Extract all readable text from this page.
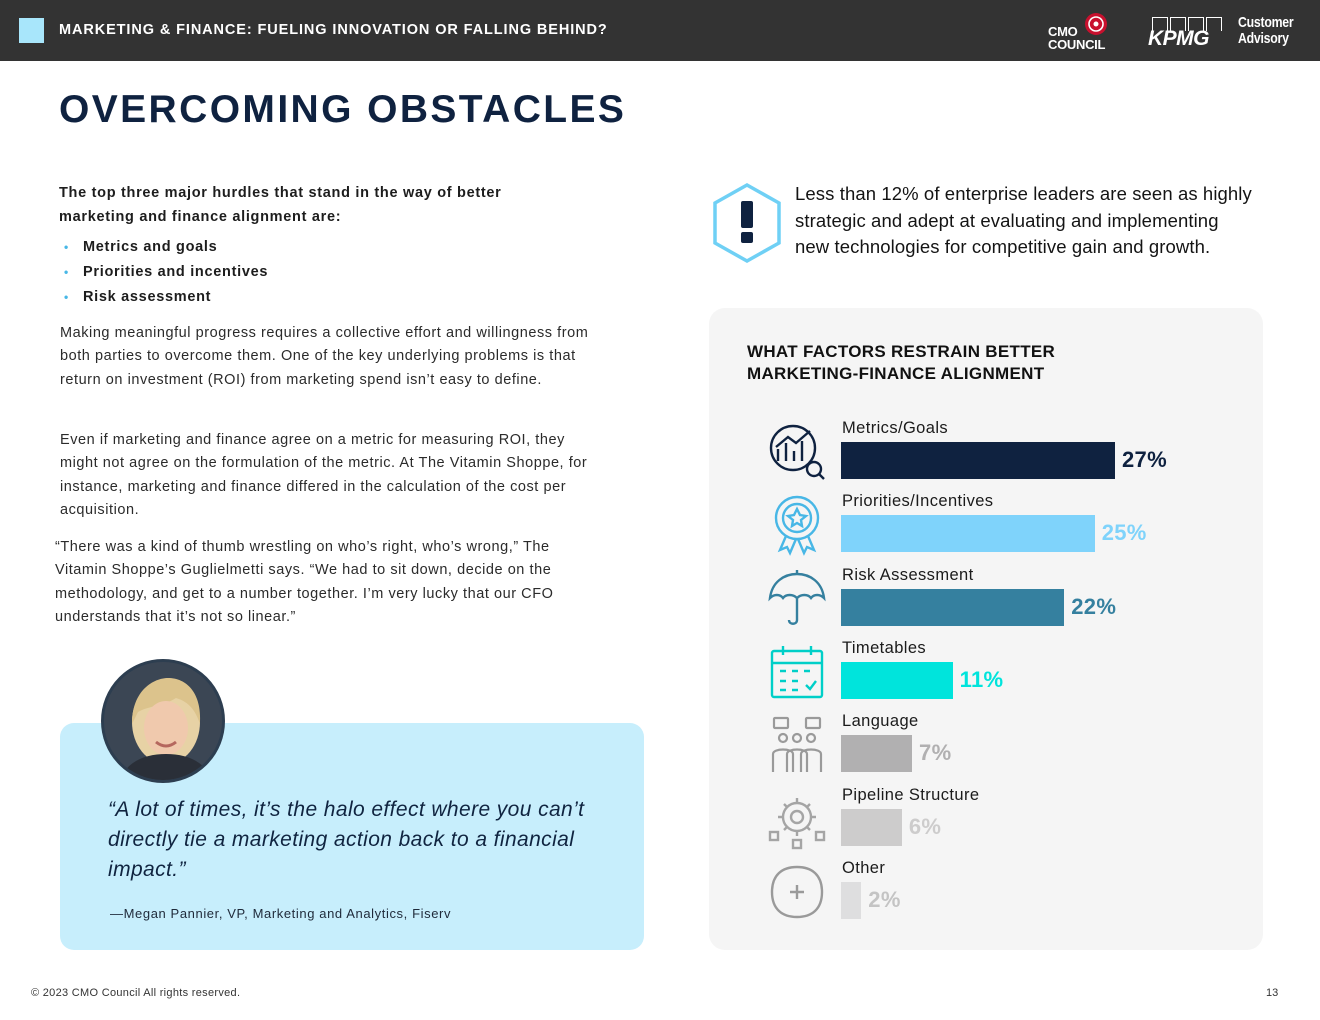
MARKETING & FINANCE: FUELING INNOVATION OR FALLING BEHIND?	CMO
COUNCIL KPMG
Customer
Advisory
OVERCOMING OBSTACLES

The top three major hurdles that stand in the way of better marketing and finance alignment are:

• Metrics and goals
• Priorities and incentives
• Risk assessment

Making meaningful progress requires a collective effort and willingness from both parties to overcome them. One of the key underlying problems is that return on investment (ROI) from marketing spend isn’t easy to define.

Even if marketing and finance agree on a metric for measuring ROI, they might not agree on the formulation of the metric. At The Vitamin Shoppe, for instance, marketing and finance differed in the calculation of the cost per acquisition.

“There was a kind of thumb wrestling on who’s right, who’s wrong,” The Vitamin Shoppe’s Guglielmetti says. “We had to sit down, decide on the methodology, and get to a number together. I’m very lucky that our CFO understands that it’s not so linear.”

“A lot of times, it’s the halo effect where you can’t directly tie a marketing action back to a financial impact.”

—Megan Pannier, VP, Marketing and Analytics, Fiserv

Less than 12% of enterprise leaders are seen as highly strategic and adept at evaluating and implementing new technologies for competitive gain and growth.

WHAT FACTORS RESTRAIN BETTER MARKETING-FINANCE ALIGNMENT
Metrics/Goals
27%
Priorities/Incentives
25%
Risk Assessment
22%
Timetables
11%
Language
7%
Pipeline Structure
6%
Other
2%
© 2023 CMO Council All rights reserved.	13
